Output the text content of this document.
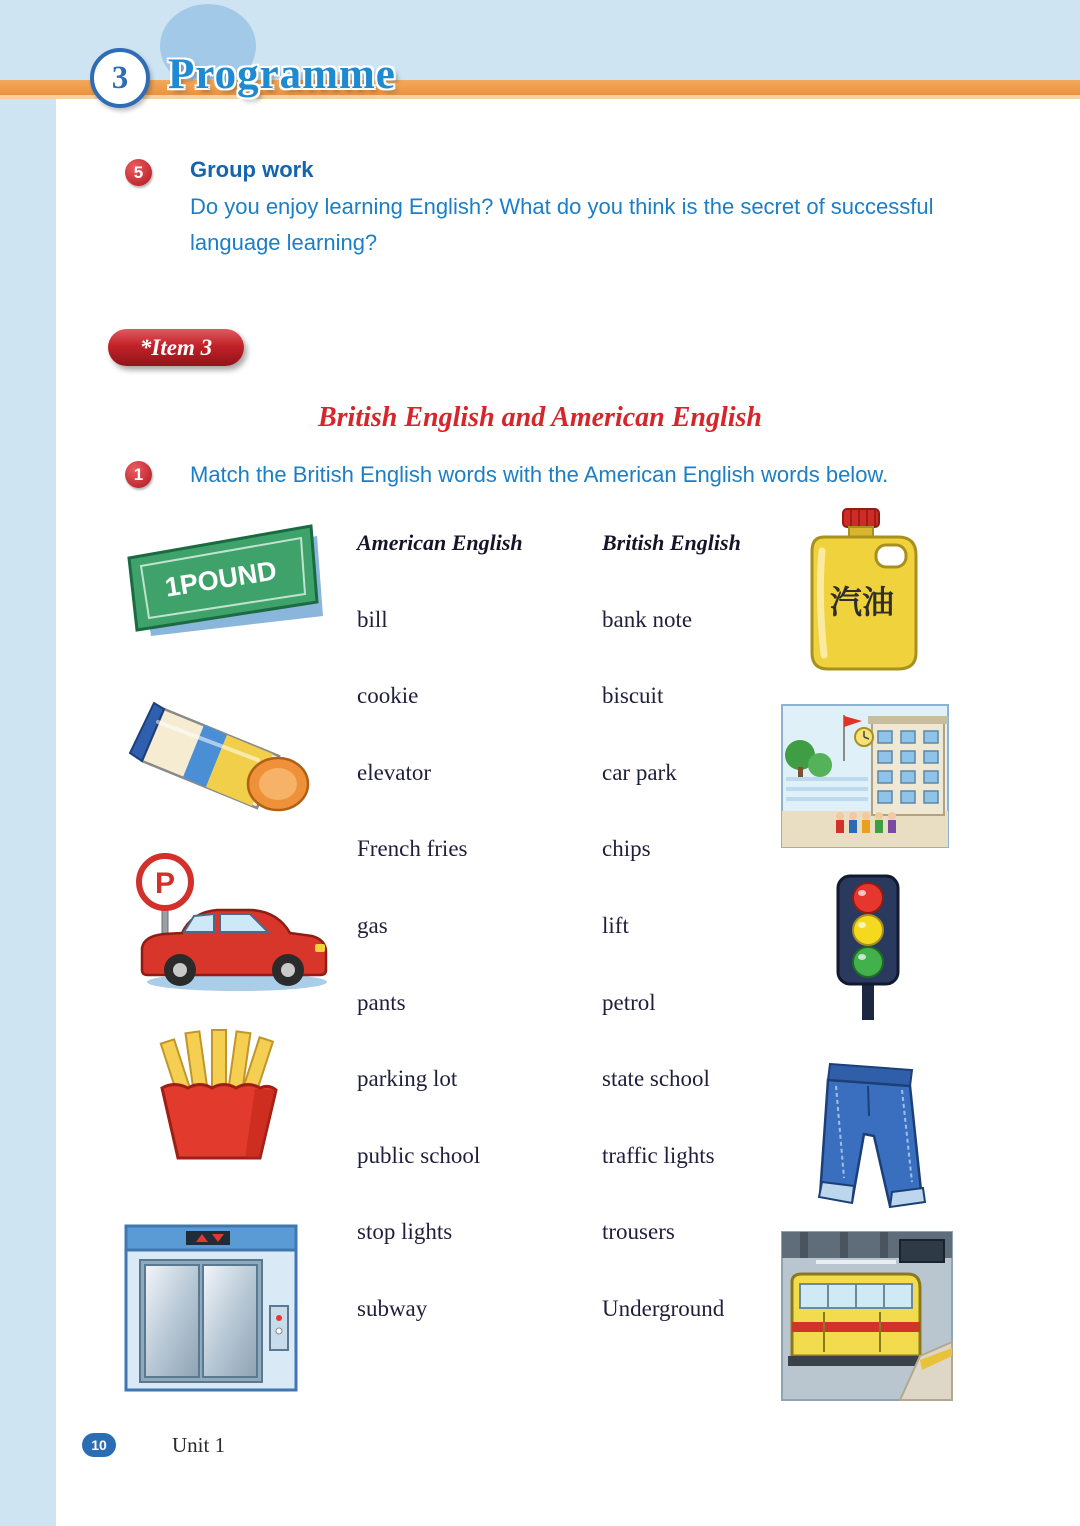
3 Programme
5	Group work
Do you enjoy learning English? What do you think is the secret of successful language learning?
*Item 3
British English and American English
1	Match the British English words with the American English words below.
American English	British English
bill	bank note
cookie	biscuit
elevator	car park
French fries	chips
gas	lift
pants	petrol
parking lot	state school
public school	traffic lights
stop lights	trousers
subway	Underground
1POUND
P
汽油
10	Unit 1
